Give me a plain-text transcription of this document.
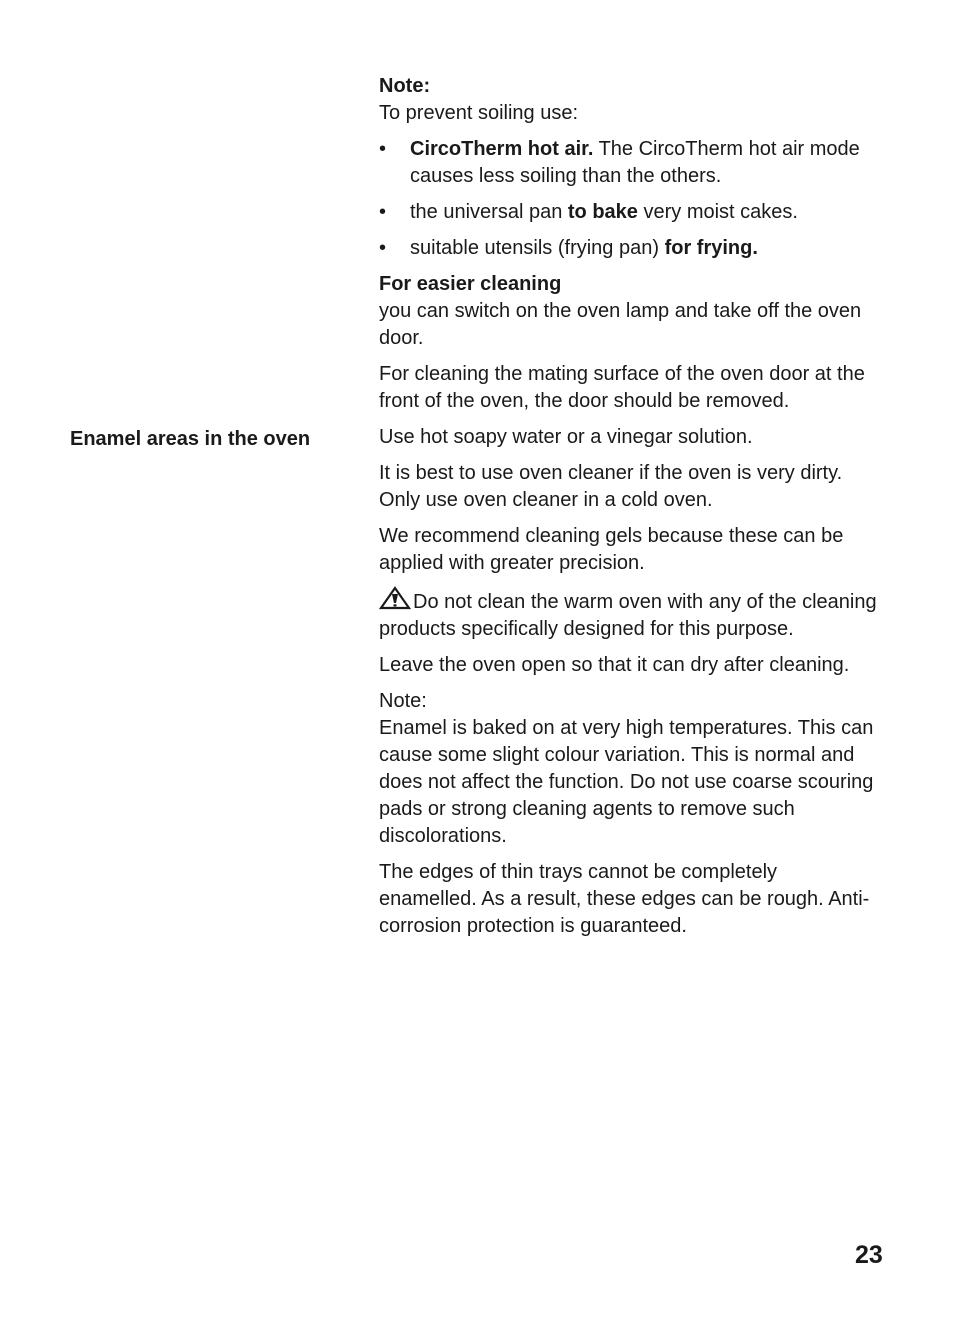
Enamel areas in the oven

Note:
To prevent soiling use:

• CircoTherm hot air. The CircoTherm hot air mode causes less soiling than the others.
• the universal pan to bake very moist cakes.
• suitable utensils (frying pan) for frying.

For easier cleaning
you can switch on the oven lamp and take off the oven door.

For cleaning the mating surface of the oven door at the front of the oven, the door should be removed.

Use hot soapy water or a vinegar solution.

It is best to use oven cleaner if the oven is very dirty. Only use oven cleaner in a cold oven.

We recommend cleaning gels because these can be applied with greater precision.

Do not clean the warm oven with any of the cleaning products specifically designed for this purpose.

Leave the oven open so that it can dry after cleaning.

Note:
Enamel is baked on at very high temperatures. This can cause some slight colour variation. This is normal and does not affect the function. Do not use coarse scouring pads or strong cleaning agents to remove such discolorations.

The edges of thin trays cannot be completely enamelled. As a result, these edges can be rough. Anti-corrosion protection is guaranteed.

23
